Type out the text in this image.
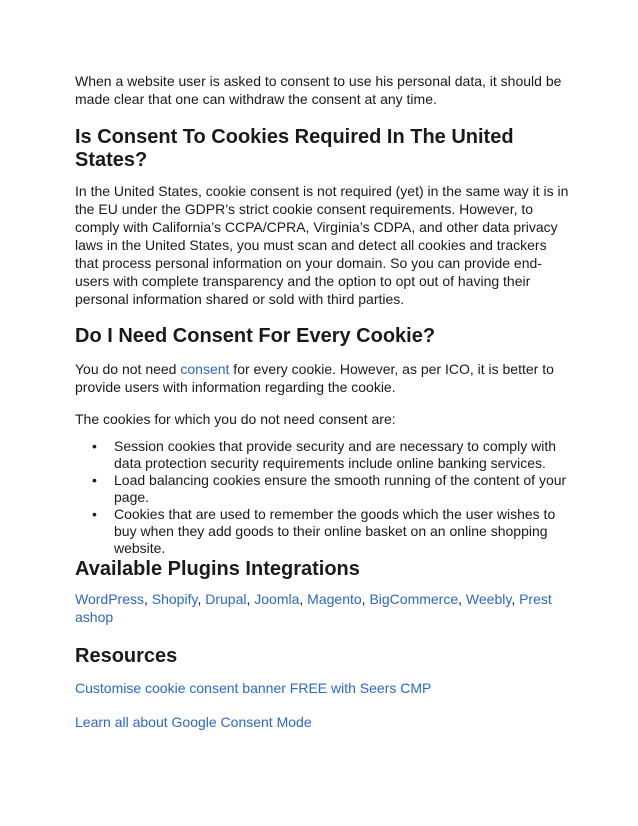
When a website user is asked to consent to use his personal data, it should be made clear that one can withdraw the consent at any time.

Is Consent To Cookies Required In The United States?

In the United States, cookie consent is not required (yet) in the same way it is in the EU under the GDPR’s strict cookie consent requirements. However, to comply with California’s CCPA/CPRA, Virginia’s CDPA, and other data privacy laws in the United States, you must scan and detect all cookies and trackers that process personal information on your domain. So you can provide end-users with complete transparency and the option to opt out of having their personal information shared or sold with third parties.

Do I Need Consent For Every Cookie?

You do not need consent for every cookie. However, as per ICO, it is better to provide users with information regarding the cookie.

The cookies for which you do not need consent are:

• Session cookies that provide security and are necessary to comply with data protection security requirements include online banking services.
• Load balancing cookies ensure the smooth running of the content of your page.
• Cookies that are used to remember the goods which the user wishes to buy when they add goods to their online basket on an online shopping website.
Available Plugins Integrations

WordPress, Shopify, Drupal, Joomla, Magento, BigCommerce, Weebly, Prest ashop

Resources

Customise cookie consent banner FREE with Seers CMP

Learn all about Google Consent Mode
